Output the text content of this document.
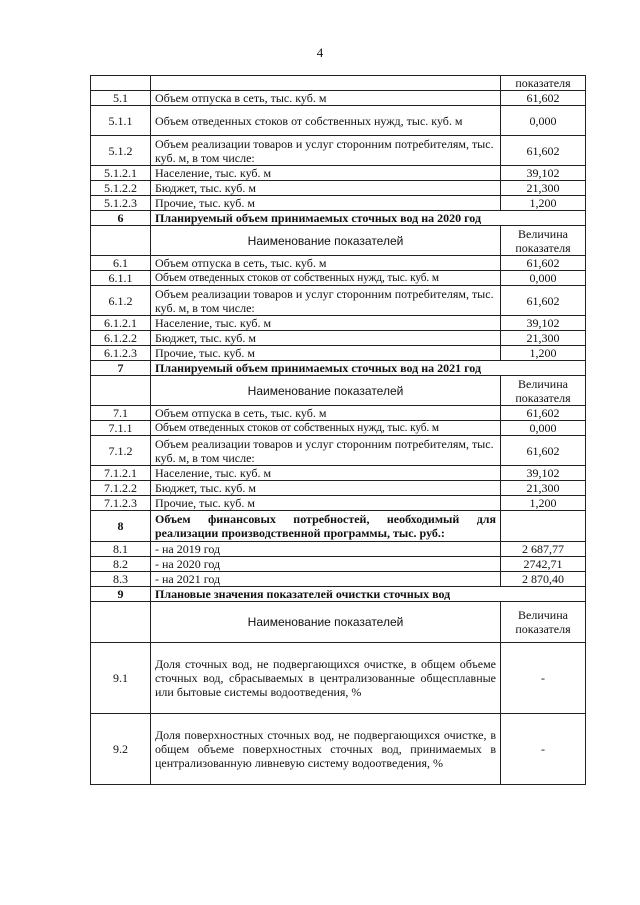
4
		показателя
5.1	Объем отпуска в сеть, тыс. куб. м	61,602
5.1.1	Объем отведенных стоков от собственных нужд, тыс. куб. м	0,000
5.1.2	Объем реализации товаров и услуг сторонним потребителям, тыс. куб. м, в том числе:	61,602
5.1.2.1	Население, тыс. куб. м	39,102
5.1.2.2	Бюджет, тыс. куб. м	21,300
5.1.2.3	Прочие, тыс. куб. м	1,200
6	Планируемый объем принимаемых сточных вод на 2020 год	
	Наименование показателей	Величина показателя
6.1	Объем отпуска в сеть, тыс. куб. м	61,602
6.1.1	Объем отведенных стоков от собственных нужд, тыс. куб. м	0,000
6.1.2	Объем реализации товаров и услуг сторонним потребителям, тыс. куб. м, в том числе:	61,602
6.1.2.1	Население, тыс. куб. м	39,102
6.1.2.2	Бюджет, тыс. куб. м	21,300
6.1.2.3	Прочие, тыс. куб. м	1,200
7	Планируемый объем принимаемых сточных вод на 2021 год	
	Наименование показателей	Величина показателя
7.1	Объем отпуска в сеть, тыс. куб. м	61,602
7.1.1	Объем отведенных стоков от собственных нужд, тыс. куб. м	0,000
7.1.2	Объем реализации товаров и услуг сторонним потребителям, тыс. куб. м, в том числе:	61,602
7.1.2.1	Население, тыс. куб. м	39,102
7.1.2.2	Бюджет, тыс. куб. м	21,300
7.1.2.3	Прочие, тыс. куб. м	1,200
8	Объем финансовых потребностей, необходимый для реализации производственной программы, тыс. руб.:	
8.1	- на 2019 год	2 687,77
8.2	- на 2020 год	2742,71
8.3	- на 2021 год	2 870,40
9	Плановые значения показателей очистки сточных вод	
	Наименование показателей	Величина показателя
9.1	Доля сточных вод, не подвергающихся очистке, в общем объеме сточных вод, сбрасываемых в централизованные общесплавные или бытовые системы водоотведения, %	-
9.2	Доля поверхностных сточных вод, не подвергающихся очистке, в общем объеме поверхностных сточных вод, принимаемых в централизованную ливневую систему водоотведения, %	-
